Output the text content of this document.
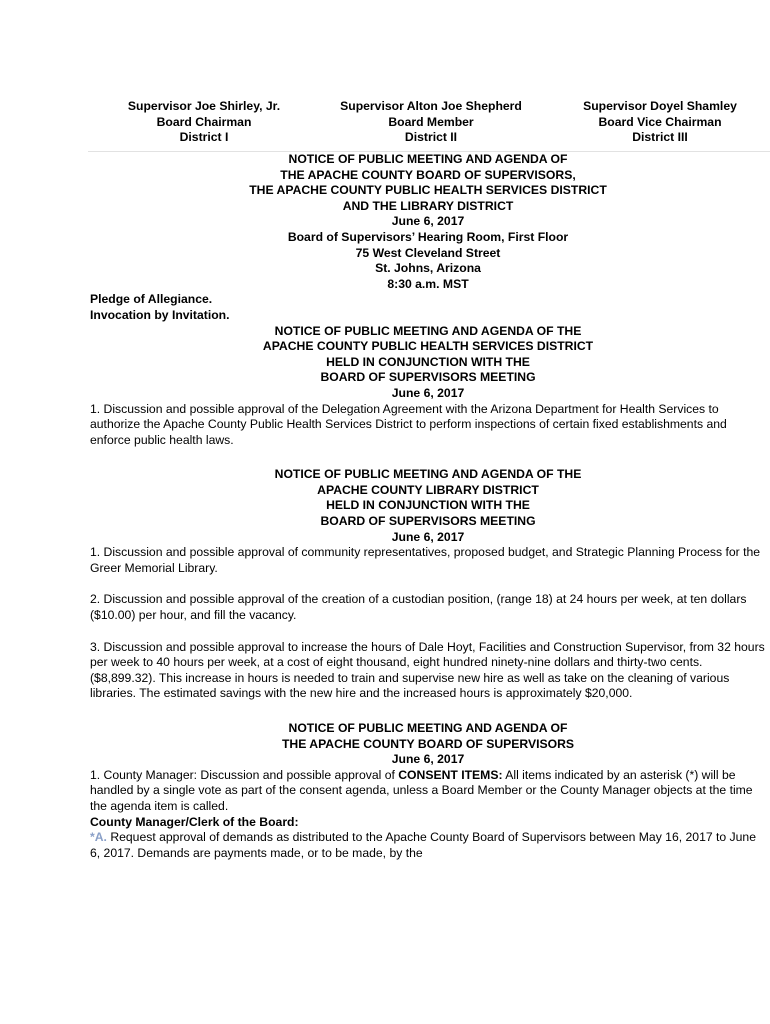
Supervisor Joe Shirley, Jr.
Board Chairman
District I
Supervisor Alton Joe Shepherd
Board Member
District II
Supervisor Doyel Shamley
Board Vice Chairman
District III
NOTICE OF PUBLIC MEETING AND AGENDA OF
THE APACHE COUNTY BOARD OF SUPERVISORS,
THE APACHE COUNTY PUBLIC HEALTH SERVICES DISTRICT
AND THE LIBRARY DISTRICT
June 6, 2017
Board of Supervisors’ Hearing Room, First Floor
75 West Cleveland Street
St. Johns, Arizona
8:30 a.m. MST
Pledge of Allegiance.
Invocation by Invitation.
NOTICE OF PUBLIC MEETING AND AGENDA OF THE
APACHE COUNTY PUBLIC HEALTH SERVICES DISTRICT
HELD IN CONJUNCTION WITH THE
BOARD OF SUPERVISORS MEETING
June 6, 2017

1. Discussion and possible approval of the Delegation Agreement with the Arizona Department for Health Services to authorize the Apache County Public Health Services District to perform inspections of certain fixed establishments and enforce public health laws.

NOTICE OF PUBLIC MEETING AND AGENDA OF THE
APACHE COUNTY LIBRARY DISTRICT
HELD IN CONJUNCTION WITH THE
BOARD OF SUPERVISORS MEETING
June 6, 2017

1. Discussion and possible approval of community representatives, proposed budget, and Strategic Planning Process for the Greer Memorial Library.

2. Discussion and possible approval of the creation of a custodian position, (range 18) at 24 hours per week, at ten dollars ($10.00) per hour, and fill the vacancy.

3. Discussion and possible approval to increase the hours of Dale Hoyt, Facilities and Construction Supervisor, from 32 hours per week to 40 hours per week, at a cost of eight thousand, eight hundred ninety-nine dollars and thirty-two cents. ($8,899.32). This increase in hours is needed to train and supervise new hire as well as take on the cleaning of various libraries. The estimated savings with the new hire and the increased hours is approximately $20,000.

NOTICE OF PUBLIC MEETING AND AGENDA OF
THE APACHE COUNTY BOARD OF SUPERVISORS
June 6, 2017

1. County Manager: Discussion and possible approval of CONSENT ITEMS: All items indicated by an asterisk (*) will be handled by a single vote as part of the consent agenda, unless a Board Member or the County Manager objects at the time the agenda item is called.

County Manager/Clerk of the Board:

*A. Request approval of demands as distributed to the Apache County Board of Supervisors between May 16, 2017 to June 6, 2017. Demands are payments made, or to be made, by the
